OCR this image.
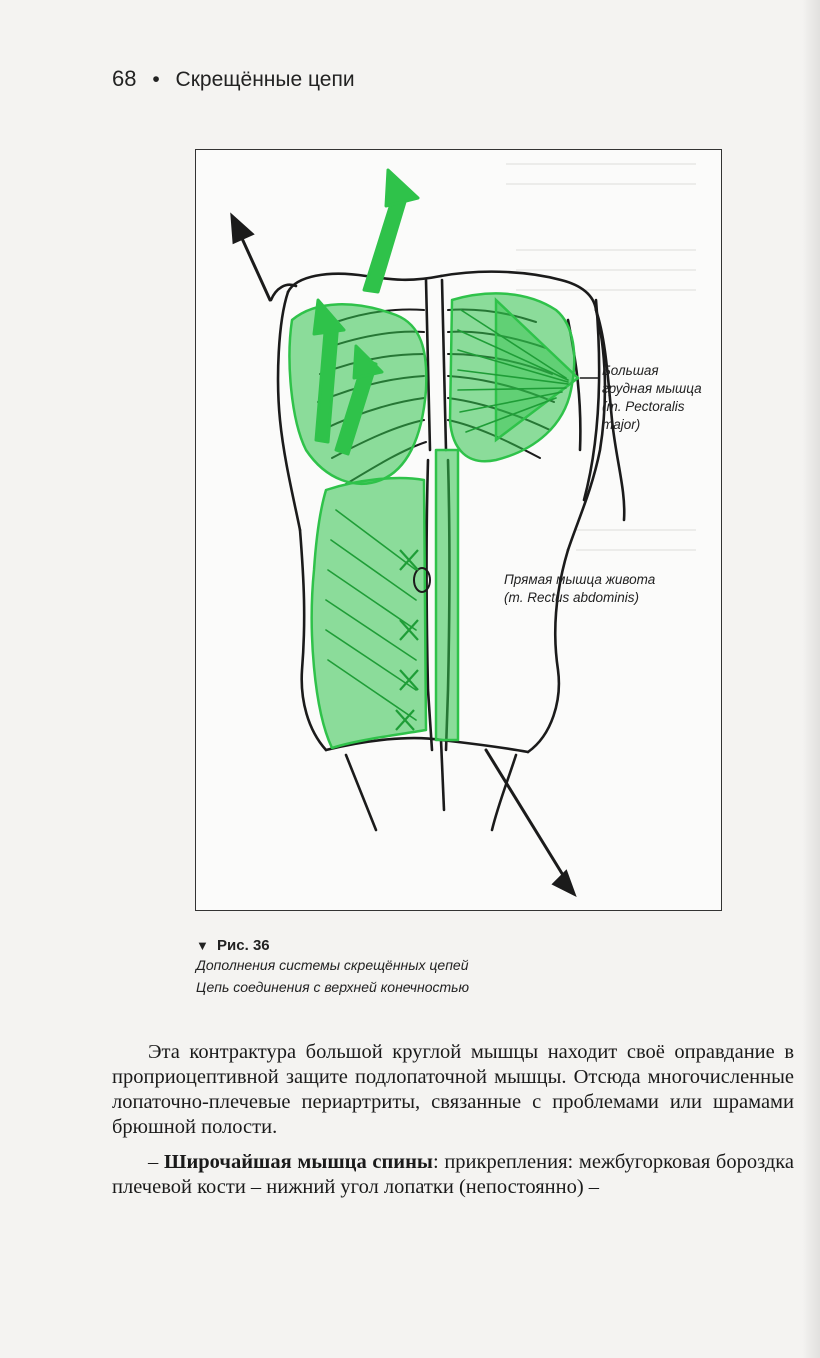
68 • Скрещённые цепи
Большая
грудная мышца
(m. Pectoralis
major)
Прямая мышца живота
(m. Rectus abdominis)
▼ Рис. 36
Дополнения системы скрещённых цепей
Цепь соединения с верхней конечностью

Эта контрактура большой круглой мышцы находит своё оправдание в проприоцептивной защите подлопаточной мышцы. Отсюда многочисленные лопаточно-плечевые периартриты, связанные с проблемами или шрамами брюшной полости.

– Широчайшая мышца спины: прикрепления: межбугорковая бороздка плечевой кости – нижний угол лопатки (непостоянно) –
